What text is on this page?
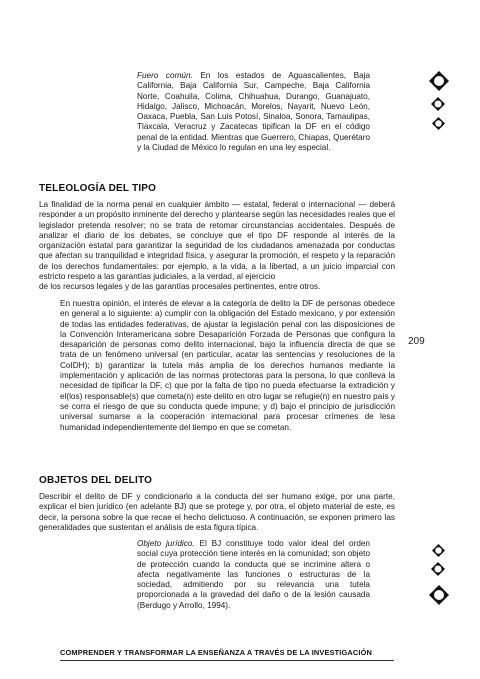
Fuero común. En los estados de Aguascalientes, Baja California, Baja California Sur, Campeche, Baja California Norte, Coahuila, Colima, Chihuahua, Durango, Guanajuato, Hidalgo, Jalisco, Michoacán, Morelos, Nayarit, Nuevo León, Oaxaca, Puebla, San Luis Potosí, Sinaloa, Sonora, Tamaulipas, Tlaxcala, Veracruz y Zacatecas tipifican la DF en el código penal de la entidad. Mientras que Guerrero, Chiapas, Querétaro y la Ciudad de México lo regulan en una ley especial.

TELEOLOGÍA DEL TIPO

La finalidad de la norma penal en cualquier ámbito — estatal, federal o internacional — deberá responder a un propósito inminente del derecho y plantearse según las necesidades reales que el legislador pretenda resolver; no se trata de retomar circunstancias accidentales. Después de analizar el diario de los debates, se concluye que el tipo DF responde al interés de la organización estatal para garantizar la seguridad de los ciudadanos amenazada por conductas que afectan su tranquilidad e integridad física, y asegurar la promoción, el respeto y la reparación de los derechos fundamentales: por ejemplo, a la vida, a la libertad, a un juicio imparcial con estricto respeto a las garantías judiciales, a la verdad, al ejercicio

de los recursos legales y de las garantías procesales pertinentes, entre otros.

En nuestra opinión, el interés de elevar a la categoría de delito la DF de personas obedece en general a lo siguiente: a) cumplir con la obligación del Estado mexicano, y por extensión de todas las entidades federativas, de ajustar la legislación penal con las disposiciones de la Convención Interamericana sobre Desaparición Forzada de Personas que configura la desaparición de personas como delito internacional, bajo la influencia directa de que se trata de un fenómeno universal (en particular, acatar las sentencias y resoluciones de la CoIDH); b) garantizar la tutela más amplia de los derechos humanos mediante la implementación y aplicación de las normas protectoras para la persona, lo que conlleva la necesidad de tipificar la DF, c) que por la falta de tipo no pueda efectuarse la extradición y el(los) responsable(s) que cometa(n) este delito en otro lugar se refugie(n) en nuestro país y se corra el riesgo de que su conducta quede impune; y d) bajo el principio de jurisdicción universal sumarse a la cooperación internacional para procesar crímenes de lesa humanidad independientemente del tiempo en que se cometan.

209
OBJETOS DEL DELITO

Describir el delito de DF y condicionarlo a la conducta del ser humano exige, por una parte, explicar el bien jurídico (en adelante BJ) que se protege y, por otra, el objeto material de este, es decir, la persona sobre la que recae el hecho delictuoso. A continuación, se exponen primero las generalidades que sustentan el análisis de esta figura típica.

Objeto jurídico. El BJ constituye todo valor ideal del orden social cuya protección tiene interés en la comunidad; son objeto de protección cuando la conducta que se incrimine altera o afecta negativamente las funciones o estructuras de la sociedad, admitiendo por su relevancia una tutela proporcionada a la gravedad del daño o de la lesión causada (Berdugo y Arrollo, 1994).

COMPRENDER Y TRANSFORMAR LA ENSEÑANZA A TRAVÉS DE LA INVESTIGACIÓN
